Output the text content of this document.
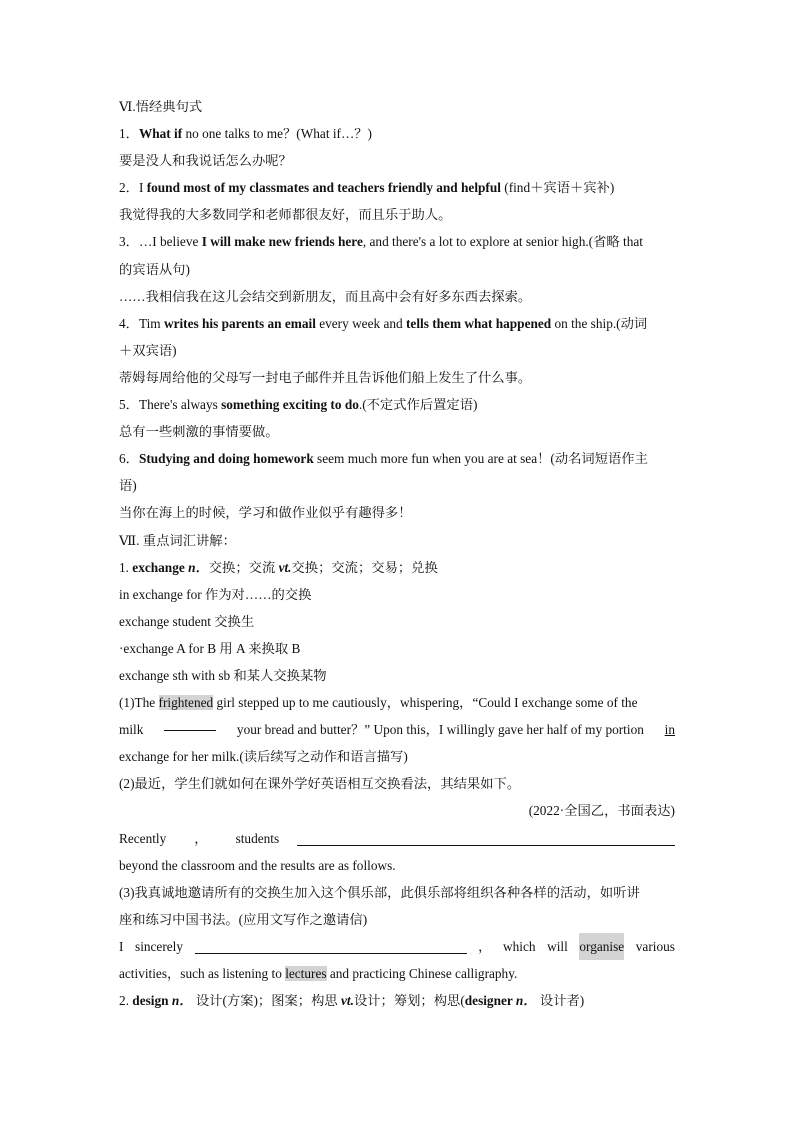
Ⅵ.悟经典句式
1．What if no one talks to me？(What if…？)
要是没人和我说话怎么办呢？
2．I found most of my classmates and teachers friendly and helpful (find＋宾语＋宾补)
我觉得我的大多数同学和老师都很友好，而且乐于助人。
3．…I believe I will make new friends here, and there's a lot to explore at senior high.(省略 that
的宾语从句)
……我相信我在这儿会结交到新朋友，而且高中会有好多东西去探索。
4．Tim writes his parents an email every week and tells them what happened on the ship.(动词
＋双宾语)
蒂姆每周给他的父母写一封电子邮件并且告诉他们船上发生了什么事。
5．There's always something exciting to do.(不定式作后置定语)
总有一些刺激的事情要做。
6．Studying and doing homework seem much more fun when you are at sea！(动名词短语作主
语)
当你在海上的时候，学习和做作业似乎有趣得多！
Ⅶ. 重点词汇讲解：
1. exchange n．交换；交流 vt.交换；交流；交易；兑换
in exchange for 作为对……的交换
exchange student 交换生
·exchange A for B 用 A 来换取 B
exchange sth with sb 和某人交换某物
(1)The frightened girl stepped up to me cautiously，whispering，“Could I exchange some of the
milk	your bread and butter？” Upon this，I willingly gave her half of my portion in
exchange for her milk.(读后续写之动作和语言描写)
(2)最近，学生们就如何在课外学好英语相互交换看法，其结果如下。
(2022·全国乙，书面表达)
Recently ， students
beyond the classroom and the results are as follows.
(3)我真诚地邀请所有的交换生加入这个俱乐部，此俱乐部将组织各种各样的活动，如听讲
座和练习中国书法。(应用文写作之邀请信)
I sincerely	， which will organise various
activities，such as listening to lectures and practicing Chinese calligraphy.
2. design n． 设计(方案)；图案；构思 vt.设计；筹划；构思(designer n． 设计者)
